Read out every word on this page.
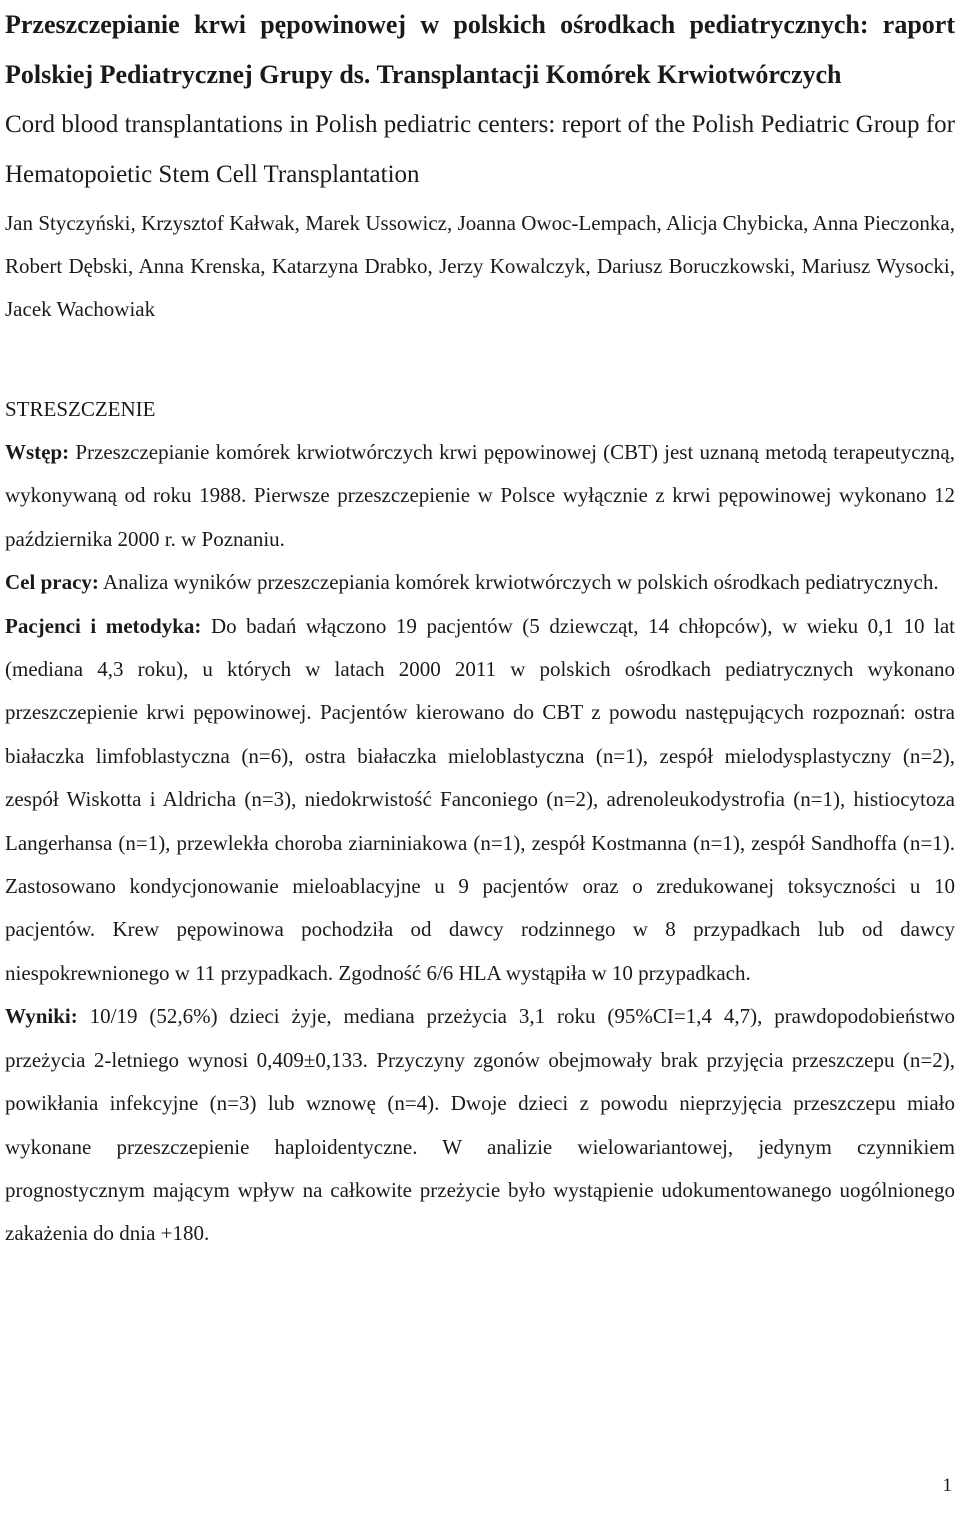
Przeszczepianie krwi pępowinowej w polskich ośrodkach pediatrycznych: raport Polskiej Pediatrycznej Grupy ds. Transplantacji Komórek Krwiotwórczych

Cord blood transplantations in Polish pediatric centers: report of the Polish Pediatric Group for Hematopoietic Stem Cell Transplantation

Jan Styczyński, Krzysztof Kałwak, Marek Ussowicz, Joanna Owoc-Lempach, Alicja Chybicka, Anna Pieczonka, Robert Dębski, Anna Krenska, Katarzyna Drabko, Jerzy Kowalczyk, Dariusz Boruczkowski, Mariusz Wysocki, Jacek Wachowiak

STRESZCZENIE

Wstęp: Przeszczepianie komórek krwiotwórczych krwi pępowinowej (CBT) jest uznaną metodą terapeutyczną, wykonywaną od roku 1988. Pierwsze przeszczepienie w Polsce wyłącznie z krwi pępowinowej wykonano 12 października 2000 r. w Poznaniu.

Cel pracy: Analiza wyników przeszczepiania komórek krwiotwórczych w polskich ośrodkach pediatrycznych.

Pacjenci i metodyka: Do badań włączono 19 pacjentów (5 dziewcząt, 14 chłopców), w wieku 0,1 10 lat (mediana 4,3 roku), u których w latach 2000 2011 w polskich ośrodkach pediatrycznych wykonano przeszczepienie krwi pępowinowej. Pacjentów kierowano do CBT z powodu następujących rozpoznań: ostra białaczka limfoblastyczna (n=6), ostra białaczka mieloblastyczna (n=1), zespół mielodysplastyczny (n=2), zespół Wiskotta i Aldricha (n=3), niedokrwistość Fanconiego (n=2), adrenoleukodystrofia (n=1), histiocytoza Langerhansa (n=1), przewlekła choroba ziarniniakowa (n=1), zespół Kostmanna (n=1), zespół Sandhoffa (n=1). Zastosowano kondycjonowanie mieloablacyjne u 9 pacjentów oraz o zredukowanej toksyczności u 10 pacjentów. Krew pępowinowa pochodziła od dawcy rodzinnego w 8 przypadkach lub od dawcy niespokrewnionego w 11 przypadkach. Zgodność 6/6 HLA wystąpiła w 10 przypadkach.

Wyniki: 10/19 (52,6%) dzieci żyje, mediana przeżycia 3,1 roku (95%CI=1,4 4,7), prawdopodobieństwo przeżycia 2-letniego wynosi 0,409±0,133. Przyczyny zgonów obejmowały brak przyjęcia przeszczepu (n=2), powikłania infekcyjne (n=3) lub wznowę (n=4). Dwoje dzieci z powodu nieprzyjęcia przeszczepu miało wykonane przeszczepienie haploidentyczne. W analizie wielowariantowej, jedynym czynnikiem prognostycznym mającym wpływ na całkowite przeżycie było wystąpienie udokumentowanego uogólnionego zakażenia do dnia +180.

1
